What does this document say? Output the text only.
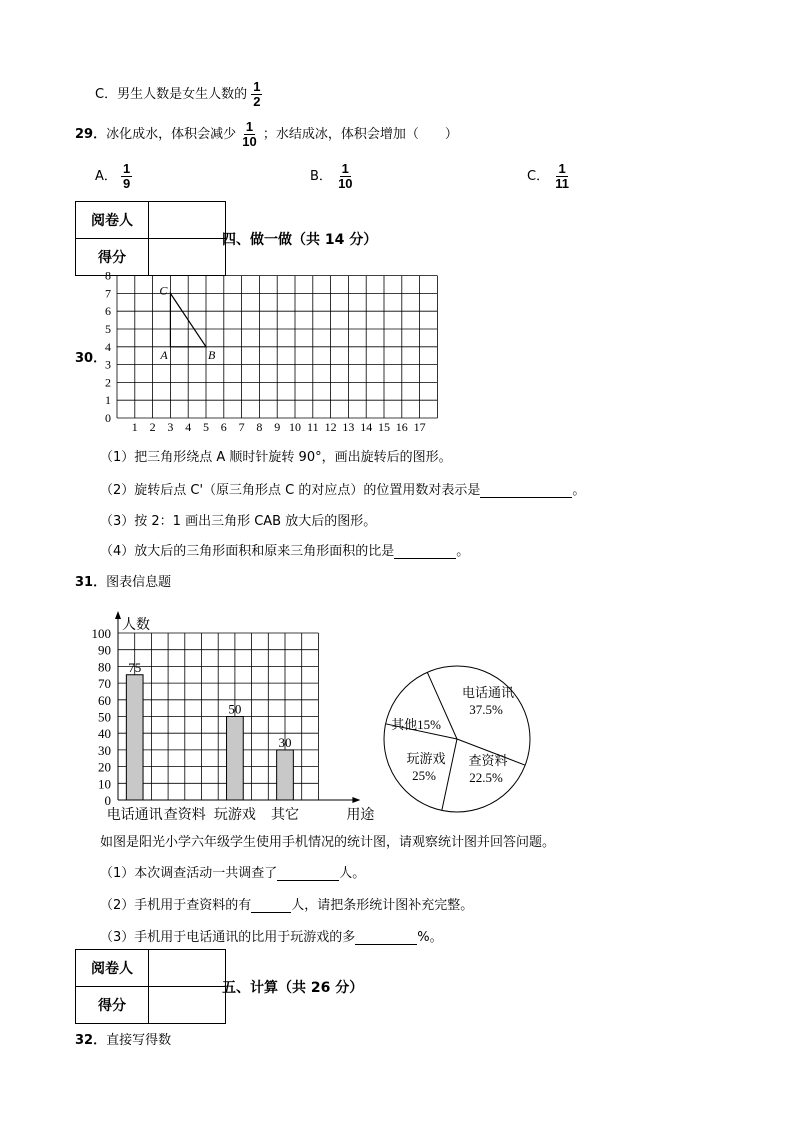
C．男生人数是女生人数的 $\frac{1}{2}$
29．冰化成水，体积会减少 $\frac{1}{10}$ ；水结成冰，体积会增加（　　）
A． $\frac{1}{9}$	B． $\frac{1}{10}$	C． $\frac{1}{11}$
阅卷人	
得分	
四、做一做（共 14 分）
30．
1 2 3 4 5 6 7 8 9 10 11 12 13 14 15 16 17
0
1
2
3
4
5
6
7
8
A	B
C
（1）把三角形绕点 A 顺时针旋转 90°，画出旋转后的图形。
（2）旋转后点 C'（原三角形点 C 的对应点）的位置用数对表示是	。
（3）按 2：1 画出三角形 CAB 放大后的图形。
（4）放大后的三角形面积和原来三角形面积的比是	。
31．图表信息题
人数
用途
0
10
20
30
40
50
60
70
80
90
100
电话通讯
75
查资料 玩游戏
50
其它
30
电话通讯
37.5%
查资料
22.5%
玩游戏
25%
其他15%
如图是阳光小学六年级学生使用手机情况的统计图，请观察统计图并回答问题。
（1）本次调查活动一共调查了	人。
（2）手机用于查资料的有	人，请把条形统计图补充完整。
（3）手机用于电话通讯的比用于玩游戏的多	%。
阅卷人	
得分	
五、计算（共 26 分）
32．直接写得数
